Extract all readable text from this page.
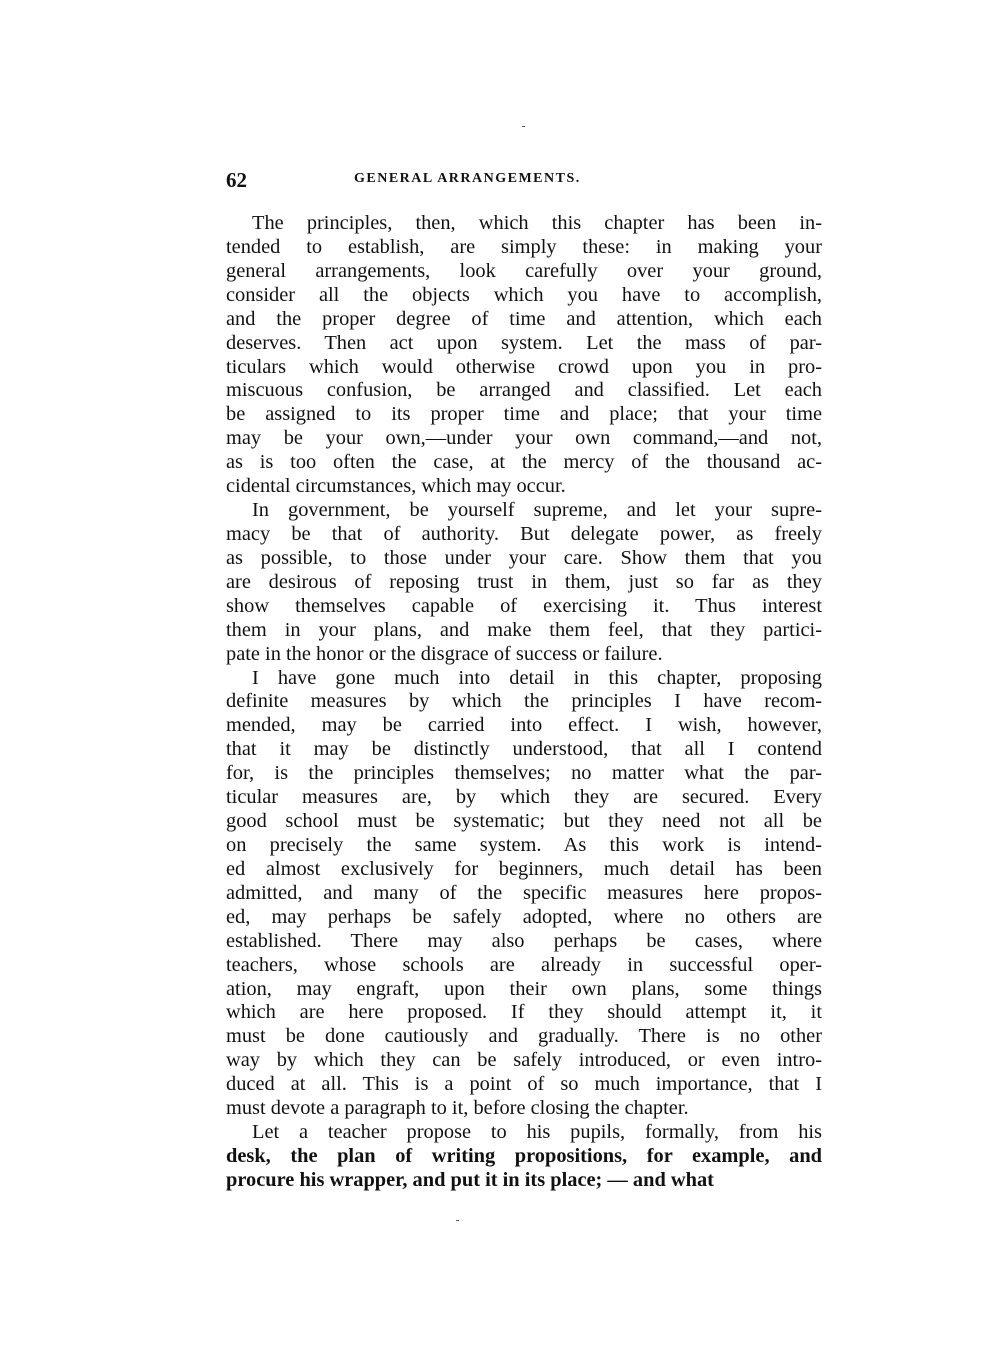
62	GENERAL ARRANGEMENTS.
The principles, then, which this chapter has been in-
tended to establish, are simply these: in making your
general arrangements, look carefully over your ground,
consider all the objects which you have to accomplish,
and the proper degree of time and attention, which each
deserves. Then act upon system. Let the mass of par-
ticulars which would otherwise crowd upon you in pro-
miscuous confusion, be arranged and classified. Let each
be assigned to its proper time and place; that your time
may be your own,—under your own command,—and not,
as is too often the case, at the mercy of the thousand ac-
cidental circumstances, which may occur.
In government, be yourself supreme, and let your supre-
macy be that of authority. But delegate power, as freely
as possible, to those under your care. Show them that you
are desirous of reposing trust in them, just so far as they
show themselves capable of exercising it. Thus interest
them in your plans, and make them feel, that they partici-
pate in the honor or the disgrace of success or failure.
I have gone much into detail in this chapter, proposing
definite measures by which the principles I have recom-
mended, may be carried into effect. I wish, however,
that it may be distinctly understood, that all I contend
for, is the principles themselves; no matter what the par-
ticular measures are, by which they are secured. Every
good school must be systematic; but they need not all be
on precisely the same system. As this work is intend-
ed almost exclusively for beginners, much detail has been
admitted, and many of the specific measures here propos-
ed, may perhaps be safely adopted, where no others are
established. There may also perhaps be cases, where
teachers, whose schools are already in successful oper-
ation, may engraft, upon their own plans, some things
which are here proposed. If they should attempt it, it
must be done cautiously and gradually. There is no other
way by which they can be safely introduced, or even intro-
duced at all. This is a point of so much importance, that I
must devote a paragraph to it, before closing the chapter.
Let a teacher propose to his pupils, formally, from his
desk, the plan of writing propositions, for example, and
procure his wrapper, and put it in its place; — and what
